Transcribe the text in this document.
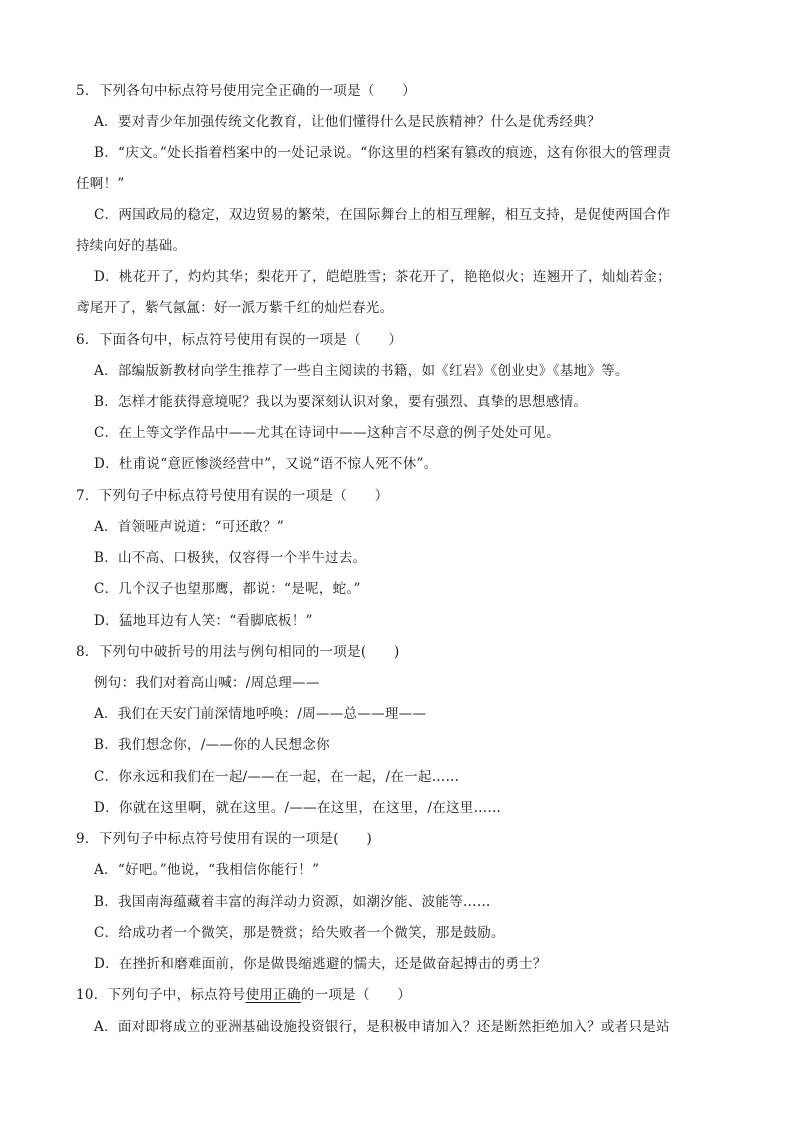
5．下列各句中标点符号使用完全正确的一项是（　　）
A．要对青少年加强传统文化教育，让他们懂得什么是民族精神？什么是优秀经典？
B．“庆文。”处长指着档案中的一处记录说。“你这里的档案有篡改的痕迹，这有你很大的管理责
任啊！”
C．两国政局的稳定，双边贸易的繁荣，在国际舞台上的相互理解，相互支持，是促使两国合作
持续向好的基础。
D．桃花开了，灼灼其华；梨花开了，皑皑胜雪；茶花开了，艳艳似火；连翘开了，灿灿若金；
鸢尾开了，紫气氤氲：好一派万紫千红的灿烂春光。
6．下面各句中，标点符号使用有误的一项是（　　）
A．部编版新教材向学生推荐了一些自主阅读的书籍，如《红岩》《创业史》《基地》等。
B．怎样才能获得意境呢？我以为要深刻认识对象，要有强烈、真挚的思想感情。
C．在上等文学作品中——尤其在诗词中——这种言不尽意的例子处处可见。
D．杜甫说“意匠惨淡经营中”，又说“语不惊人死不休”。
7．下列句子中标点符号使用有误的一项是（　　）
A．首领哑声说道：“可还敢？”
B．山不高、口极狭，仅容得一个半牛过去。
C．几个汉子也望那鹰，都说：“是呢，蛇。”
D．猛地耳边有人笑：“看脚底板！”
8．下列句中破折号的用法与例句相同的一项是(　　)
例句：我们对着高山喊：/周总理——
A．我们在天安门前深情地呼唤：/周——总——理——
B．我们想念你，/——你的人民想念你
C．你永远和我们在一起/——在一起，在一起，/在一起……
D．你就在这里啊，就在这里。/——在这里，在这里，/在这里……
9．下列句子中标点符号使用有误的一项是(　　)
A．“好吧。”他说，“我相信你能行！”
B．我国南海蕴藏着丰富的海洋动力资源，如潮汐能、波能等……
C．给成功者一个微笑，那是赞赏；给失败者一个微笑，那是鼓励。
D．在挫折和磨难面前，你是做畏缩逃避的懦夫，还是做奋起搏击的勇士？
10．下列句子中，标点符号使用正确的一项是（　　）
A．面对即将成立的亚洲基础设施投资银行，是积极申请加入？还是断然拒绝加入？或者只是站
